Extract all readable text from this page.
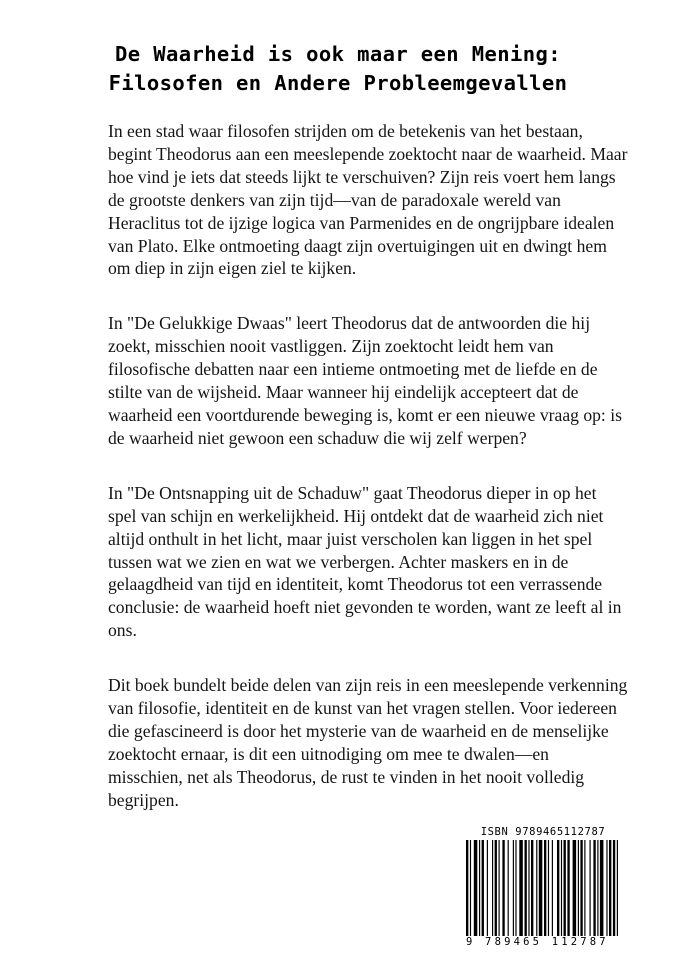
De Waarheid is ook maar een Mening:
Filosofen en Andere Probleemgevallen

In een stad waar filosofen strijden om de betekenis van het bestaan,
begint Theodorus aan een meeslepende zoektocht naar de waarheid. Maar
hoe vind je iets dat steeds lijkt te verschuiven? Zijn reis voert hem langs
de grootste denkers van zijn tijd—van de paradoxale wereld van
Heraclitus tot de ijzige logica van Parmenides en de ongrijpbare idealen
van Plato. Elke ontmoeting daagt zijn overtuigingen uit en dwingt hem
om diep in zijn eigen ziel te kijken.

In "De Gelukkige Dwaas" leert Theodorus dat de antwoorden die hij
zoekt, misschien nooit vastliggen. Zijn zoektocht leidt hem van
filosofische debatten naar een intieme ontmoeting met de liefde en de
stilte van de wijsheid. Maar wanneer hij eindelijk accepteert dat de
waarheid een voortdurende beweging is, komt er een nieuwe vraag op: is
de waarheid niet gewoon een schaduw die wij zelf werpen?

In "De Ontsnapping uit de Schaduw" gaat Theodorus dieper in op het
spel van schijn en werkelijkheid. Hij ontdekt dat de waarheid zich niet
altijd onthult in het licht, maar juist verscholen kan liggen in het spel
tussen wat we zien en wat we verbergen. Achter maskers en in de
gelaagdheid van tijd en identiteit, komt Theodorus tot een verrassende
conclusie: de waarheid hoeft niet gevonden te worden, want ze leeft al in
ons.

Dit boek bundelt beide delen van zijn reis in een meeslepende verkenning
van filosofie, identiteit en de kunst van het vragen stellen. Voor iedereen
die gefascineerd is door het mysterie van de waarheid en de menselijke
zoektocht ernaar, is dit een uitnodiging om mee te dwalen—en
misschien, net als Theodorus, de rust te vinden in het nooit volledig
begrijpen.

ISBN 9789465112787
9 789465 112787
